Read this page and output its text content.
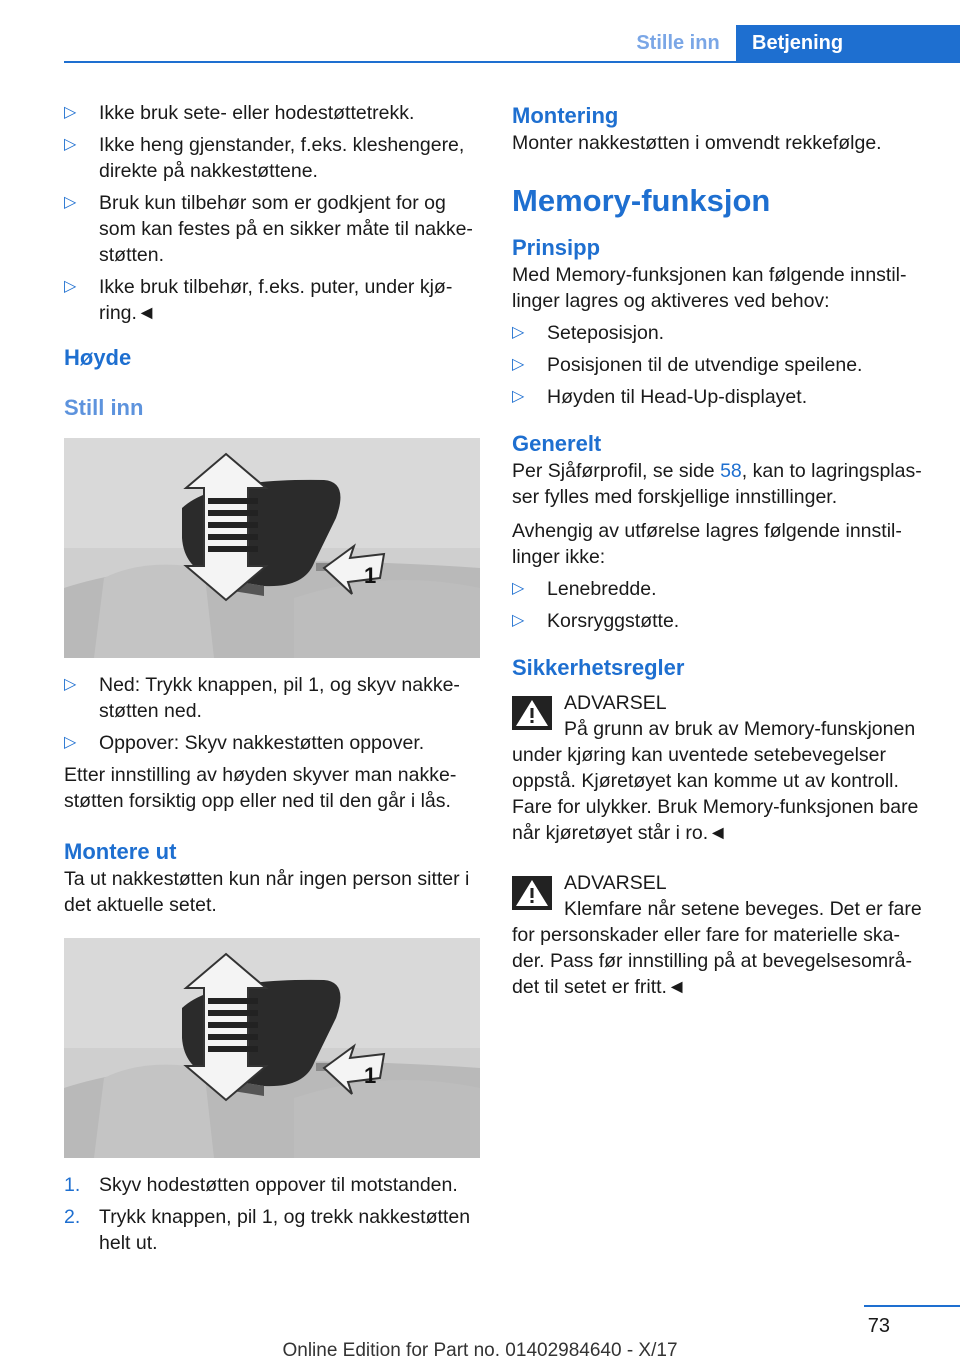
Stille inn	Betjening
▷ Ikke bruk sete- eller hodestøttetrekk.
▷ Ikke heng gjenstander, f.eks. kleshengere, direkte på nakkestøttene.
▷ Bruk kun tilbehør som er godkjent for og som kan festes på en sikker måte til nakke-støtten.
▷ Ikke bruk tilbehør, f.eks. puter, under kjø-ring.◄
Høyde
Still inn
1
▷ Ned: Trykk knappen, pil 1, og skyv nakke-støtten ned.
▷ Oppover: Skyv nakkestøtten oppover.

Etter innstilling av høyden skyver man nakke-støtten forsiktig opp eller ned til den går i lås.

Montere ut

Ta ut nakkestøtten kun når ingen person sitter i det aktuelle setet.

1
1. Skyv hodestøtten oppover til motstanden.
2. Trykk knappen, pil 1, og trekk nakkestøtten helt ut.
Montering

Monter nakkestøtten i omvendt rekkefølge.

Memory-funksjon
Prinsipp

Med Memory-funksjonen kan følgende innstil-linger lagres og aktiveres ved behov:

▷ Seteposisjon.
▷ Posisjonen til de utvendige speilene.
▷ Høyden til Head-Up-displayet.
Generelt

Per Sjåførprofil, se side 58, kan to lagringsplas-ser fylles med forskjellige innstillinger.

Avhengig av utførelse lagres følgende innstil-linger ikke:

▷ Lenebredde.
▷ Korsryggstøtte.
Sikkerhetsregler

ADVARSEL

På grunn av bruk av Memory-funskjonen

under kjøring kan uventede setebevegelser oppstå. Kjøretøyet kan komme ut av kontroll. Fare for ulykker. Bruk Memory-funksjonen bare når kjøretøyet står i ro.◄

ADVARSEL

Klemfare når setene beveges. Det er fare

for personskader eller fare for materielle ska-der. Pass før innstilling på at bevegelsesområ-det til setet er fritt.◄

73
Online Edition for Part no. 01402984640 - X/17
